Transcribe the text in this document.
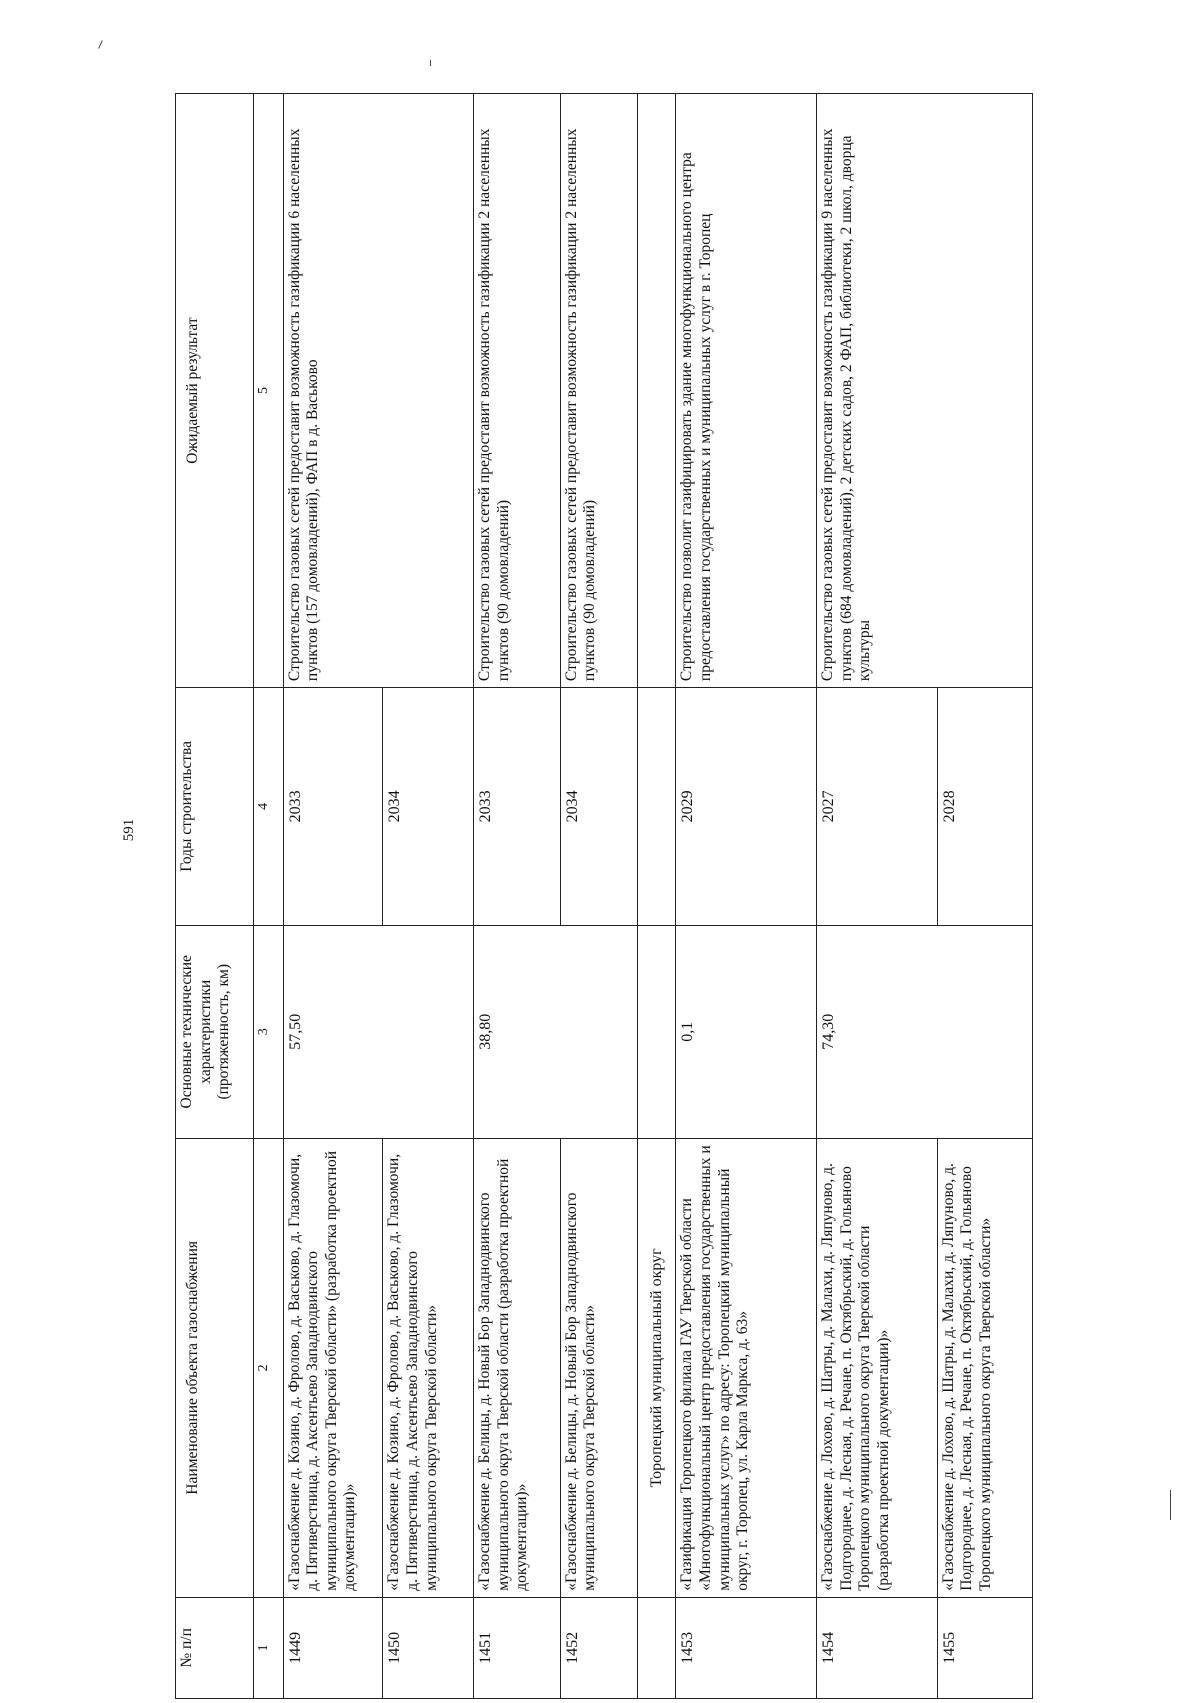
591
№ п/п	Наименование объекта газоснабжения	Основные технические характеристики (протяженность, км)	Годы строительства	Ожидаемый результат
1	2	3	4	5
1449	«Газоснабжение д. Козино, д. Фролово, д. Васьково, д. Глазомочи, д. Пятиверстница, д. Аксентьево Западнодвинского муниципального округа Тверской области» (разработка проектной документации)»	57,50	2033	Строительство газовых сетей предоставит возможность газификации 6 населенных пунктов (157 домовладений), ФАП в д. Васьково
1450	«Газоснабжение д. Козино, д. Фролово, д. Васьково, д. Глазомочи, д. Пятиверстница, д. Аксентьево Западнодвинского муниципального округа Тверской области»		2034	
1451	«Газоснабжение д. Белицы, д. Новый Бор Западнодвинского муниципального округа Тверской области (разработка проектной документации)»	38,80	2033	Строительство газовых сетей предоставит возможность газификации 2 населенных пунктов (90 домовладений)
1452	«Газоснабжение д. Белицы, д. Новый Бор Западнодвинского муниципального округа Тверской области»		2034	Строительство газовых сетей предоставит возможность газификации 2 населенных пунктов (90 домовладений)
	Торопецкий муниципальный округ			
1453	«Газификация Торопецкого филиала ГАУ Тверской области «Многофункциональный центр предоставления государственных и муниципальных услуг» по адресу: Торопецкий муниципальный округ, г. Торопец, ул. Карла Маркса, д. 63»	0,1	2029	Строительство позволит газифицировать здание многофункционального центра предоставления государственных и муниципальных услуг в г. Торопец
1454	«Газоснабжение д. Лохово, д. Шатры, д. Малахи, д. Ляпуново, д. Подгороднее, д. Лесная, д. Речане, п. Октябрьский, д. Гольяново Торопецкого муниципального округа Тверской области (разработка проектной документации)»	74,30	2027	Строительство газовых сетей предоставит возможность газификации 9 населенных пунктов (684 домовладений), 2 детских садов, 2 ФАП, библиотеки, 2 школ, дворца культуры
1455	«Газоснабжение д. Лохово, д. Шатры, д. Малахи, д. Ляпуново, д. Подгороднее, д. Лесная, д. Речане, п. Октябрьский, д. Гольяново Торопецкого муниципального округа Тверской области»		2028	
